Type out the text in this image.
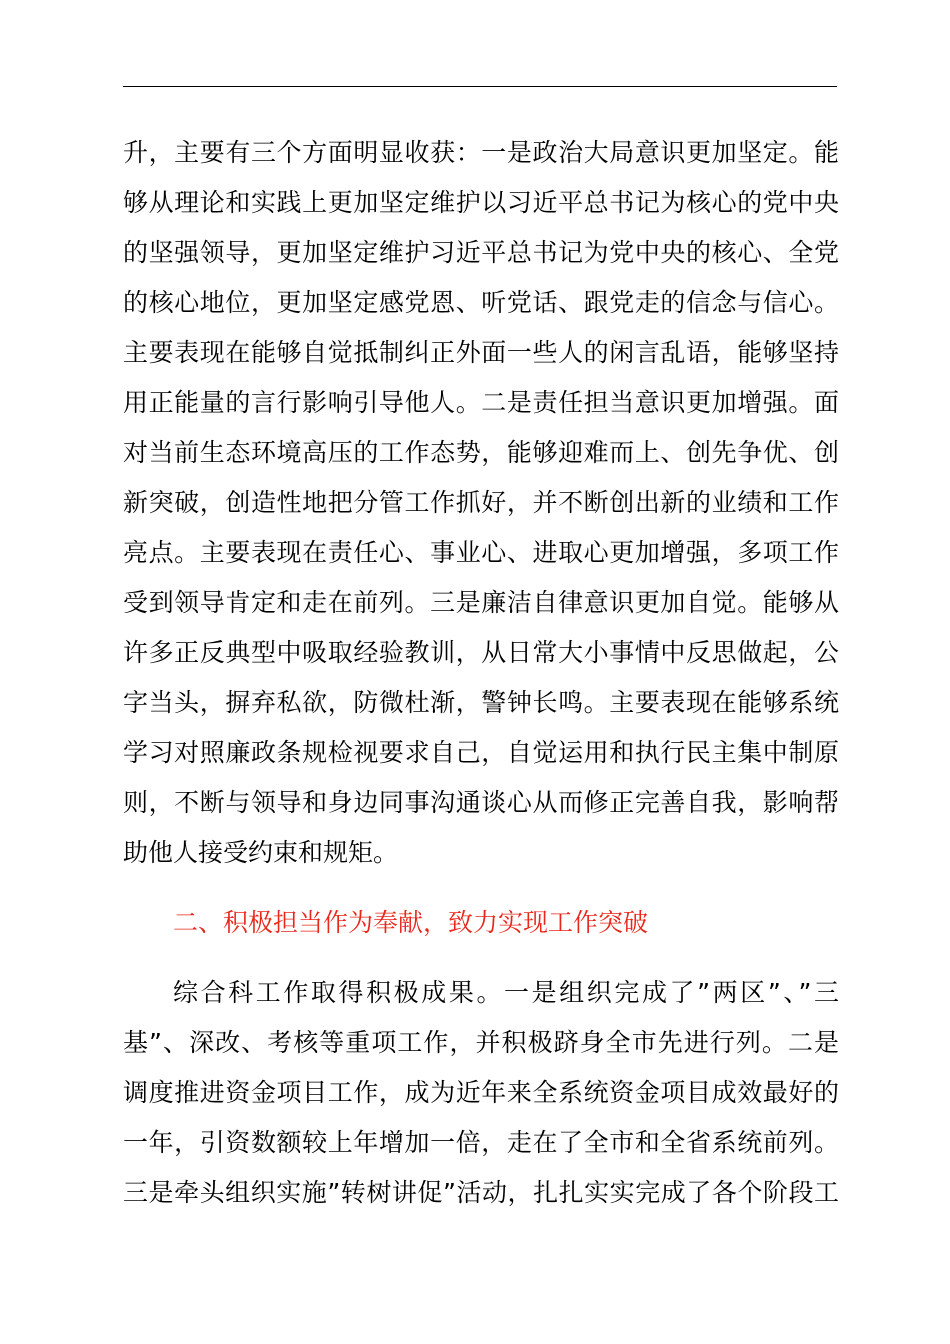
升，主要有三个方面明显收获：一是政治大局意识更加坚定。能
够从理论和实践上更加坚定维护以习近平总书记为核心的党中央
的坚强领导，更加坚定维护习近平总书记为党中央的核心、全党
的核心地位，更加坚定感党恩、听党话、跟党走的信念与信心。
主要表现在能够自觉抵制纠正外面一些人的闲言乱语，能够坚持
用正能量的言行影响引导他人。二是责任担当意识更加增强。面
对当前生态环境高压的工作态势，能够迎难而上、创先争优、创
新突破，创造性地把分管工作抓好，并不断创出新的业绩和工作
亮点。主要表现在责任心、事业心、进取心更加增强，多项工作
受到领导肯定和走在前列。三是廉洁自律意识更加自觉。能够从
许多正反典型中吸取经验教训，从日常大小事情中反思做起，公
字当头，摒弃私欲，防微杜渐，警钟长鸣。主要表现在能够系统
学习对照廉政条规检视要求自己，自觉运用和执行民主集中制原
则，不断与领导和身边同事沟通谈心从而修正完善自我，影响帮
助他人接受约束和规矩。
二、积极担当作为奉献，致力实现工作突破
综合科工作取得积极成果。一是组织完成了”两区”、”三
基”、深改、考核等重项工作，并积极跻身全市先进行列。二是
调度推进资金项目工作，成为近年来全系统资金项目成效最好的
一年，引资数额较上年增加一倍，走在了全市和全省系统前列。
三是牵头组织实施”转树讲促”活动，扎扎实实完成了各个阶段工
